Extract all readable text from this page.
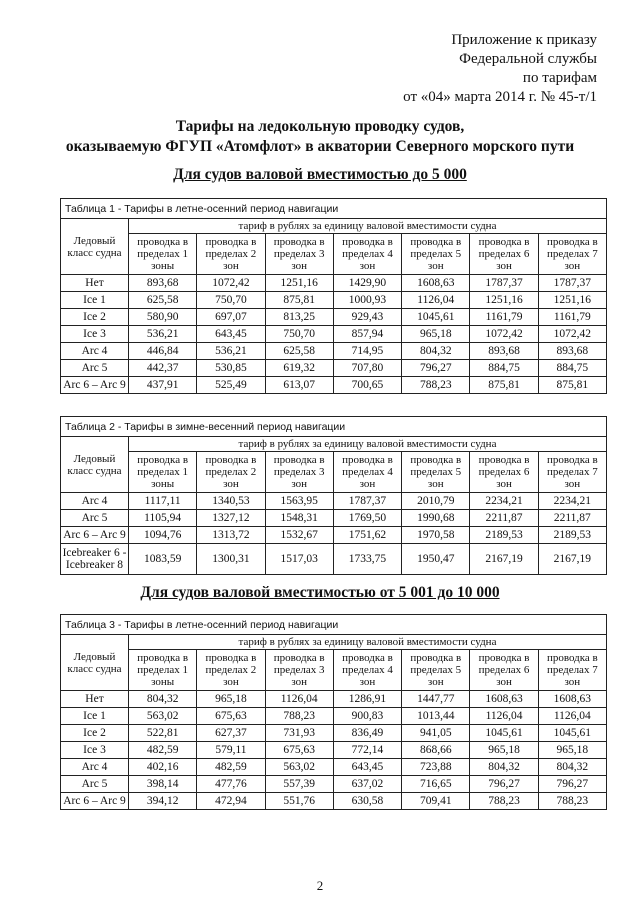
Приложение к приказу
Федеральной службы
по тарифам
от «04» марта 2014 г. № 45-т/1
Тарифы на ледокольную проводку судов,
оказываемую ФГУП «Атомфлот» в акватории Северного морского пути
Для судов валовой вместимостью до 5 000
Таблица 1 - Тарифы в летне-осенний период навигации							
Ледовый класс судна	тариф в рублях за единицу валовой вместимости судна						
	проводка в пределах 1 зоны	проводка в пределах 2 зон	проводка в пределах 3 зон	проводка в пределах 4 зон	проводка в пределах 5 зон	проводка в пределах 6 зон	проводка в пределах 7 зон
Нет	893,68	1072,42	1251,16	1429,90	1608,63	1787,37	1787,37
Ice 1	625,58	750,70	875,81	1000,93	1126,04	1251,16	1251,16
Ice 2	580,90	697,07	813,25	929,43	1045,61	1161,79	1161,79
Ice 3	536,21	643,45	750,70	857,94	965,18	1072,42	1072,42
Arc 4	446,84	536,21	625,58	714,95	804,32	893,68	893,68
Arc 5	442,37	530,85	619,32	707,80	796,27	884,75	884,75
Arc 6 – Arc 9	437,91	525,49	613,07	700,65	788,23	875,81	875,81
Таблица 2 - Тарифы в зимне-весенний период навигации							
Ледовый класс судна	тариф в рублях за единицу валовой вместимости судна						
	проводка в пределах 1 зоны	проводка в пределах 2 зон	проводка в пределах 3 зон	проводка в пределах 4 зон	проводка в пределах 5 зон	проводка в пределах 6 зон	проводка в пределах 7 зон
Arc 4	1117,11	1340,53	1563,95	1787,37	2010,79	2234,21	2234,21
Arc 5	1105,94	1327,12	1548,31	1769,50	1990,68	2211,87	2211,87
Arc 6 – Arc 9	1094,76	1313,72	1532,67	1751,62	1970,58	2189,53	2189,53
Icebreaker 6 - Icebreaker 8	1083,59	1300,31	1517,03	1733,75	1950,47	2167,19	2167,19
Для судов валовой вместимостью от 5 001 до 10 000
Таблица 3 - Тарифы в летне-осенний период навигации							
Ледовый класс судна	тариф в рублях за единицу валовой вместимости судна						
	проводка в пределах 1 зоны	проводка в пределах 2 зон	проводка в пределах 3 зон	проводка в пределах 4 зон	проводка в пределах 5 зон	проводка в пределах 6 зон	проводка в пределах 7 зон
Нет	804,32	965,18	1126,04	1286,91	1447,77	1608,63	1608,63
Ice 1	563,02	675,63	788,23	900,83	1013,44	1126,04	1126,04
Ice 2	522,81	627,37	731,93	836,49	941,05	1045,61	1045,61
Ice 3	482,59	579,11	675,63	772,14	868,66	965,18	965,18
Arc 4	402,16	482,59	563,02	643,45	723,88	804,32	804,32
Arc 5	398,14	477,76	557,39	637,02	716,65	796,27	796,27
Arc 6 – Arc 9	394,12	472,94	551,76	630,58	709,41	788,23	788,23
2
